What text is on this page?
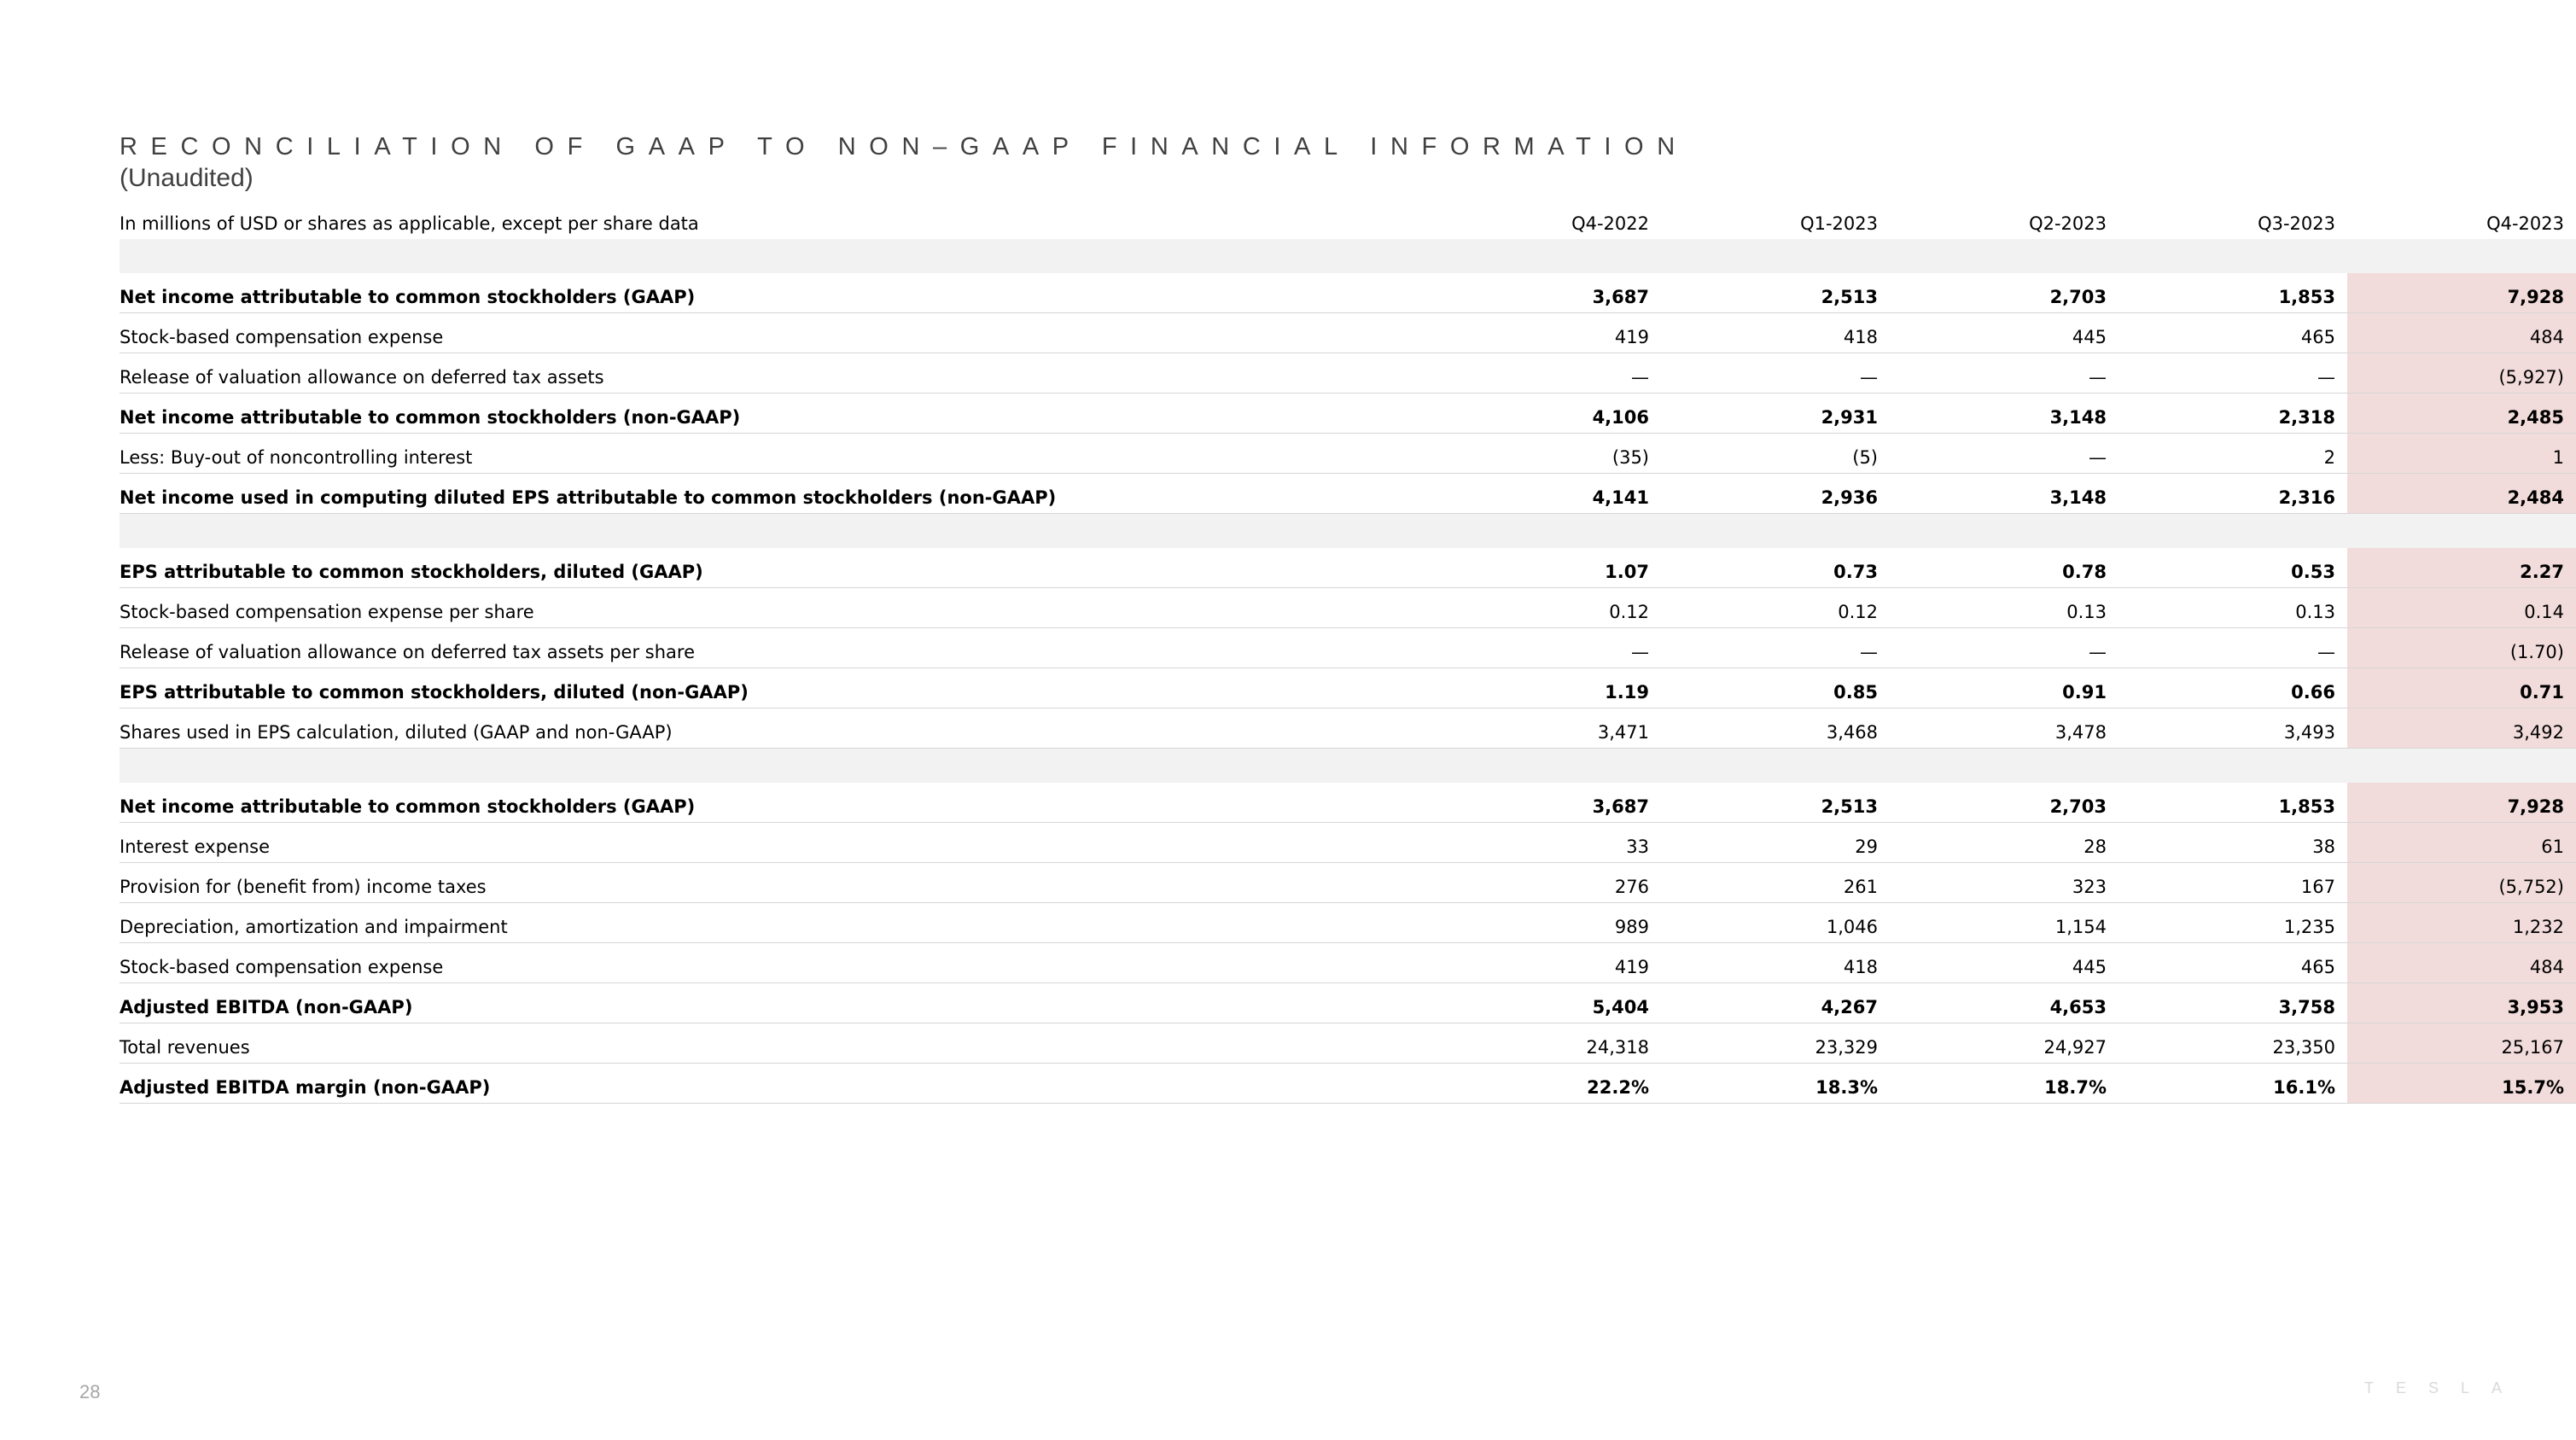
RECONCILIATION OF GAAP TO NON–GAAP FINANCIAL INFORMATION
(Unaudited)
In millions of USD or shares as applicable, except per share data	Q4-2022	Q1-2023	Q2-2023	Q3-2023	Q4-2023

Net income attributable to common stockholders (GAAP)	3,687	2,513	2,703	1,853	7,928
Stock-based compensation expense	419	418	445	465	484
Release of valuation allowance on deferred tax assets	—	—	—	—	(5,927)
Net income attributable to common stockholders (non-GAAP)	4,106	2,931	3,148	2,318	2,485
Less: Buy-out of noncontrolling interest	(35)	(5)	—	2	1
Net income used in computing diluted EPS attributable to common stockholders (non-GAAP)	4,141	2,936	3,148	2,316	2,484

EPS attributable to common stockholders, diluted (GAAP)	1.07	0.73	0.78	0.53	2.27
Stock-based compensation expense per share	0.12	0.12	0.13	0.13	0.14
Release of valuation allowance on deferred tax assets per share	—	—	—	—	(1.70)
EPS attributable to common stockholders, diluted (non-GAAP)	1.19	0.85	0.91	0.66	0.71
Shares used in EPS calculation, diluted (GAAP and non-GAAP)	3,471	3,468	3,478	3,493	3,492

Net income attributable to common stockholders (GAAP)	3,687	2,513	2,703	1,853	7,928
Interest expense	33	29	28	38	61
Provision for (benefit from) income taxes	276	261	323	167	(5,752)
Depreciation, amortization and impairment	989	1,046	1,154	1,235	1,232
Stock-based compensation expense	419	418	445	465	484
Adjusted EBITDA (non-GAAP)	5,404	4,267	4,653	3,758	3,953
Total revenues	24,318	23,329	24,927	23,350	25,167
Adjusted EBITDA margin (non-GAAP)	22.2%	18.3%	18.7%	16.1%	15.7%
28	TESLA
